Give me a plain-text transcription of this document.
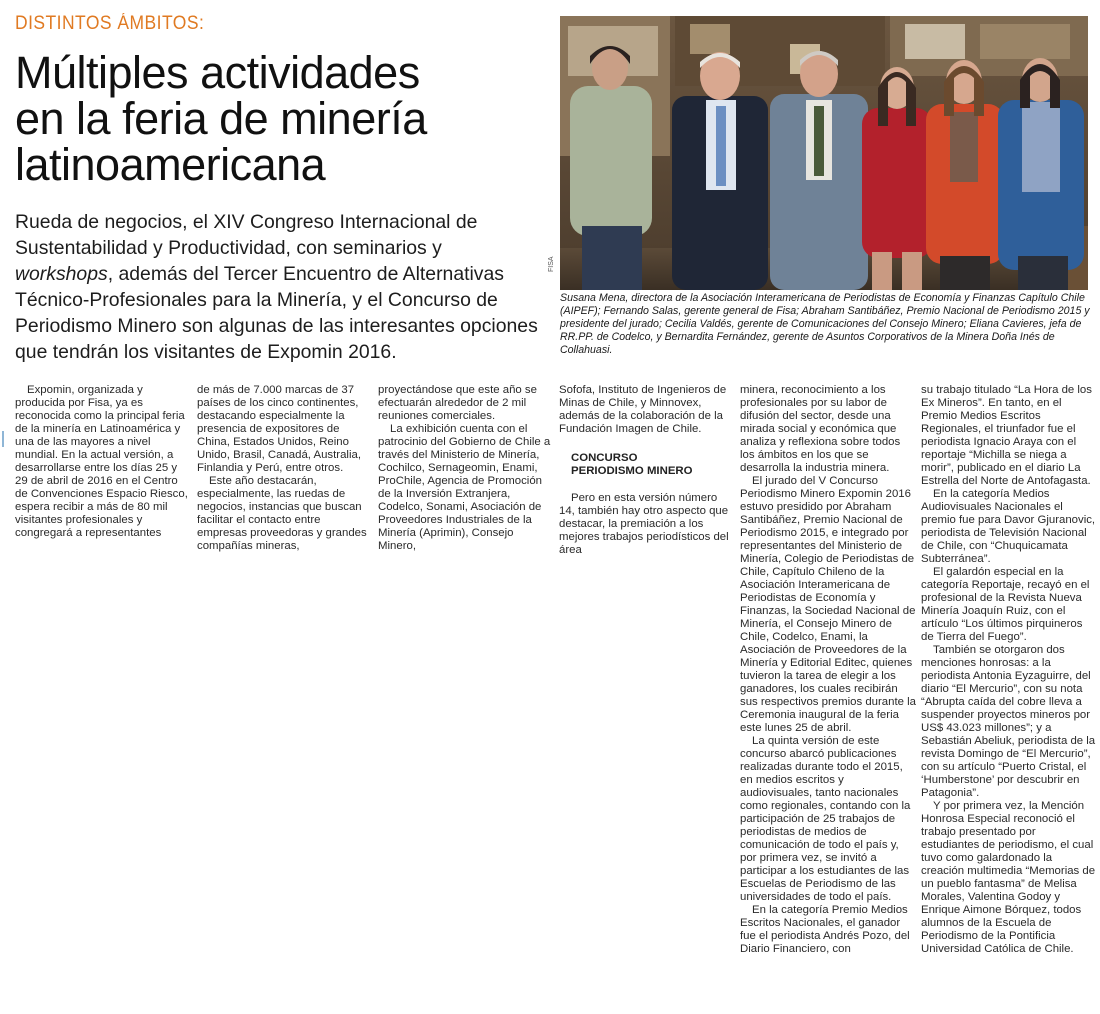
DISTINTOS ÁMBITOS:
Múltiples actividades
en la feria de minería
latinoamericana

Rueda de negocios, el XIV Congreso Internacional de Sustentabilidad y Productividad, con seminarios y workshops, además del Tercer Encuentro de Alternativas Técnico-Profesionales para la Minería, y el Concurso de Periodismo Minero son algunas de las interesantes opciones que tendrán los visitantes de Expomin 2016.

FISA

Susana Mena, directora de la Asociación Interamericana de Periodistas de Economía y Finanzas Capítulo Chile (AIPEF); Fernando Salas, gerente general de Fisa; Abraham Santibáñez, Premio Nacional de Periodismo 2015 y presidente del jurado; Cecilia Valdés, gerente de Comunicaciones del Consejo Minero; Eliana Cavieres, jefa de RR.PP. de Codelco, y Bernardita Fernández, gerente de Asuntos Corporativos de la Minera Doña Inés de Collahuasi.

Expomin, organizada y producida por Fisa, ya es reconocida como la principal feria de la minería en Latinoamérica y una de las mayores a nivel mundial. En la actual versión, a desarrollarse entre los días 25 y 29 de abril de 2016 en el Centro de Convenciones Espacio Riesco, espera recibir a más de 80 mil visitantes profesionales y congregará a representantes

de más de 7.000 marcas de 37 países de los cinco continentes, destacando especialmente la presencia de expositores de China, Estados Unidos, Reino Unido, Brasil, Canadá, Australia, Finlandia y Perú, entre otros.

Este año destacarán, especialmente, las ruedas de negocios, instancias que buscan facilitar el contacto entre empresas proveedoras y grandes compañías mineras,

proyectándose que este año se efectuarán alrededor de 2 mil reuniones comerciales.

La exhibición cuenta con el patrocinio del Gobierno de Chile a través del Ministerio de Minería, Cochilco, Sernageomin, Enami, ProChile, Agencia de Promoción de la Inversión Extranjera, Codelco, Sonami, Asociación de Proveedores Industriales de la Minería (Aprimin), Consejo Minero,

Sofofa, Instituto de Ingenieros de Minas de Chile, y Minnovex, además de la colaboración de la Fundación Imagen de Chile.

CONCURSO
PERIODISMO MINERO

Pero en esta versión número 14, también hay otro aspecto que destacar, la premiación a los mejores trabajos periodísticos del área

minera, reconocimiento a los profesionales por su labor de difusión del sector, desde una mirada social y económica que analiza y reflexiona sobre todos los ámbitos en los que se desarrolla la industria minera.

El jurado del V Concurso Periodismo Minero Expomin 2016 estuvo presidido por Abraham Santibáñez, Premio Nacional de Periodismo 2015, e integrado por representantes del Ministerio de Minería, Colegio de Periodistas de Chile, Capítulo Chileno de la Asociación Interamericana de Periodistas de Economía y Finanzas, la Sociedad Nacional de Minería, el Consejo Minero de Chile, Codelco, Enami, la Asociación de Proveedores de la Minería y Editorial Editec, quienes tuvieron la tarea de elegir a los ganadores, los cuales recibirán sus respectivos premios durante la Ceremonia inaugural de la feria este lunes 25 de abril.

La quinta versión de este concurso abarcó publicaciones realizadas durante todo el 2015, en medios escritos y audiovisuales, tanto nacionales como regionales, contando con la participación de 25 trabajos de periodistas de medios de comunicación de todo el país y, por primera vez, se invitó a participar a los estudiantes de las Escuelas de Periodismo de las universidades de todo el país.

En la categoría Premio Medios Escritos Nacionales, el ganador fue el periodista Andrés Pozo, del Diario Financiero, con

su trabajo titulado “La Hora de los Ex Mineros”. En tanto, en el Premio Medios Escritos Regionales, el triunfador fue el periodista Ignacio Araya con el reportaje “Michilla se niega a morir”, publicado en el diario La Estrella del Norte de Antofagasta.

En la categoría Medios Audiovisuales Nacionales el premio fue para Davor Gjuranovic, periodista de Televisión Nacional de Chile, con “Chuquicamata Subterránea”.

El galardón especial en la categoría Reportaje, recayó en el profesional de la Revista Nueva Minería Joaquín Ruiz, con el artículo “Los últimos pirquineros de Tierra del Fuego”.

También se otorgaron dos menciones honrosas: a la periodista Antonia Eyzaguirre, del diario “El Mercurio”, con su nota “Abrupta caída del cobre lleva a suspender proyectos mineros por US$ 43.023 millones”; y a Sebastián Abeliuk, periodista de la revista Domingo de “El Mercurio”, con su artículo “Puerto Cristal, el ‘Humberstone’ por descubrir en Patagonia”.

Y por primera vez, la Mención Honrosa Especial reconoció el trabajo presentado por estudiantes de periodismo, el cual tuvo como galardonado la creación multimedia “Memorias de un pueblo fantasma” de Melisa Morales, Valentina Godoy y Enrique Aimone Bórquez, todos alumnos de la Escuela de Periodismo de la Pontificia Universidad Católica de Chile.
